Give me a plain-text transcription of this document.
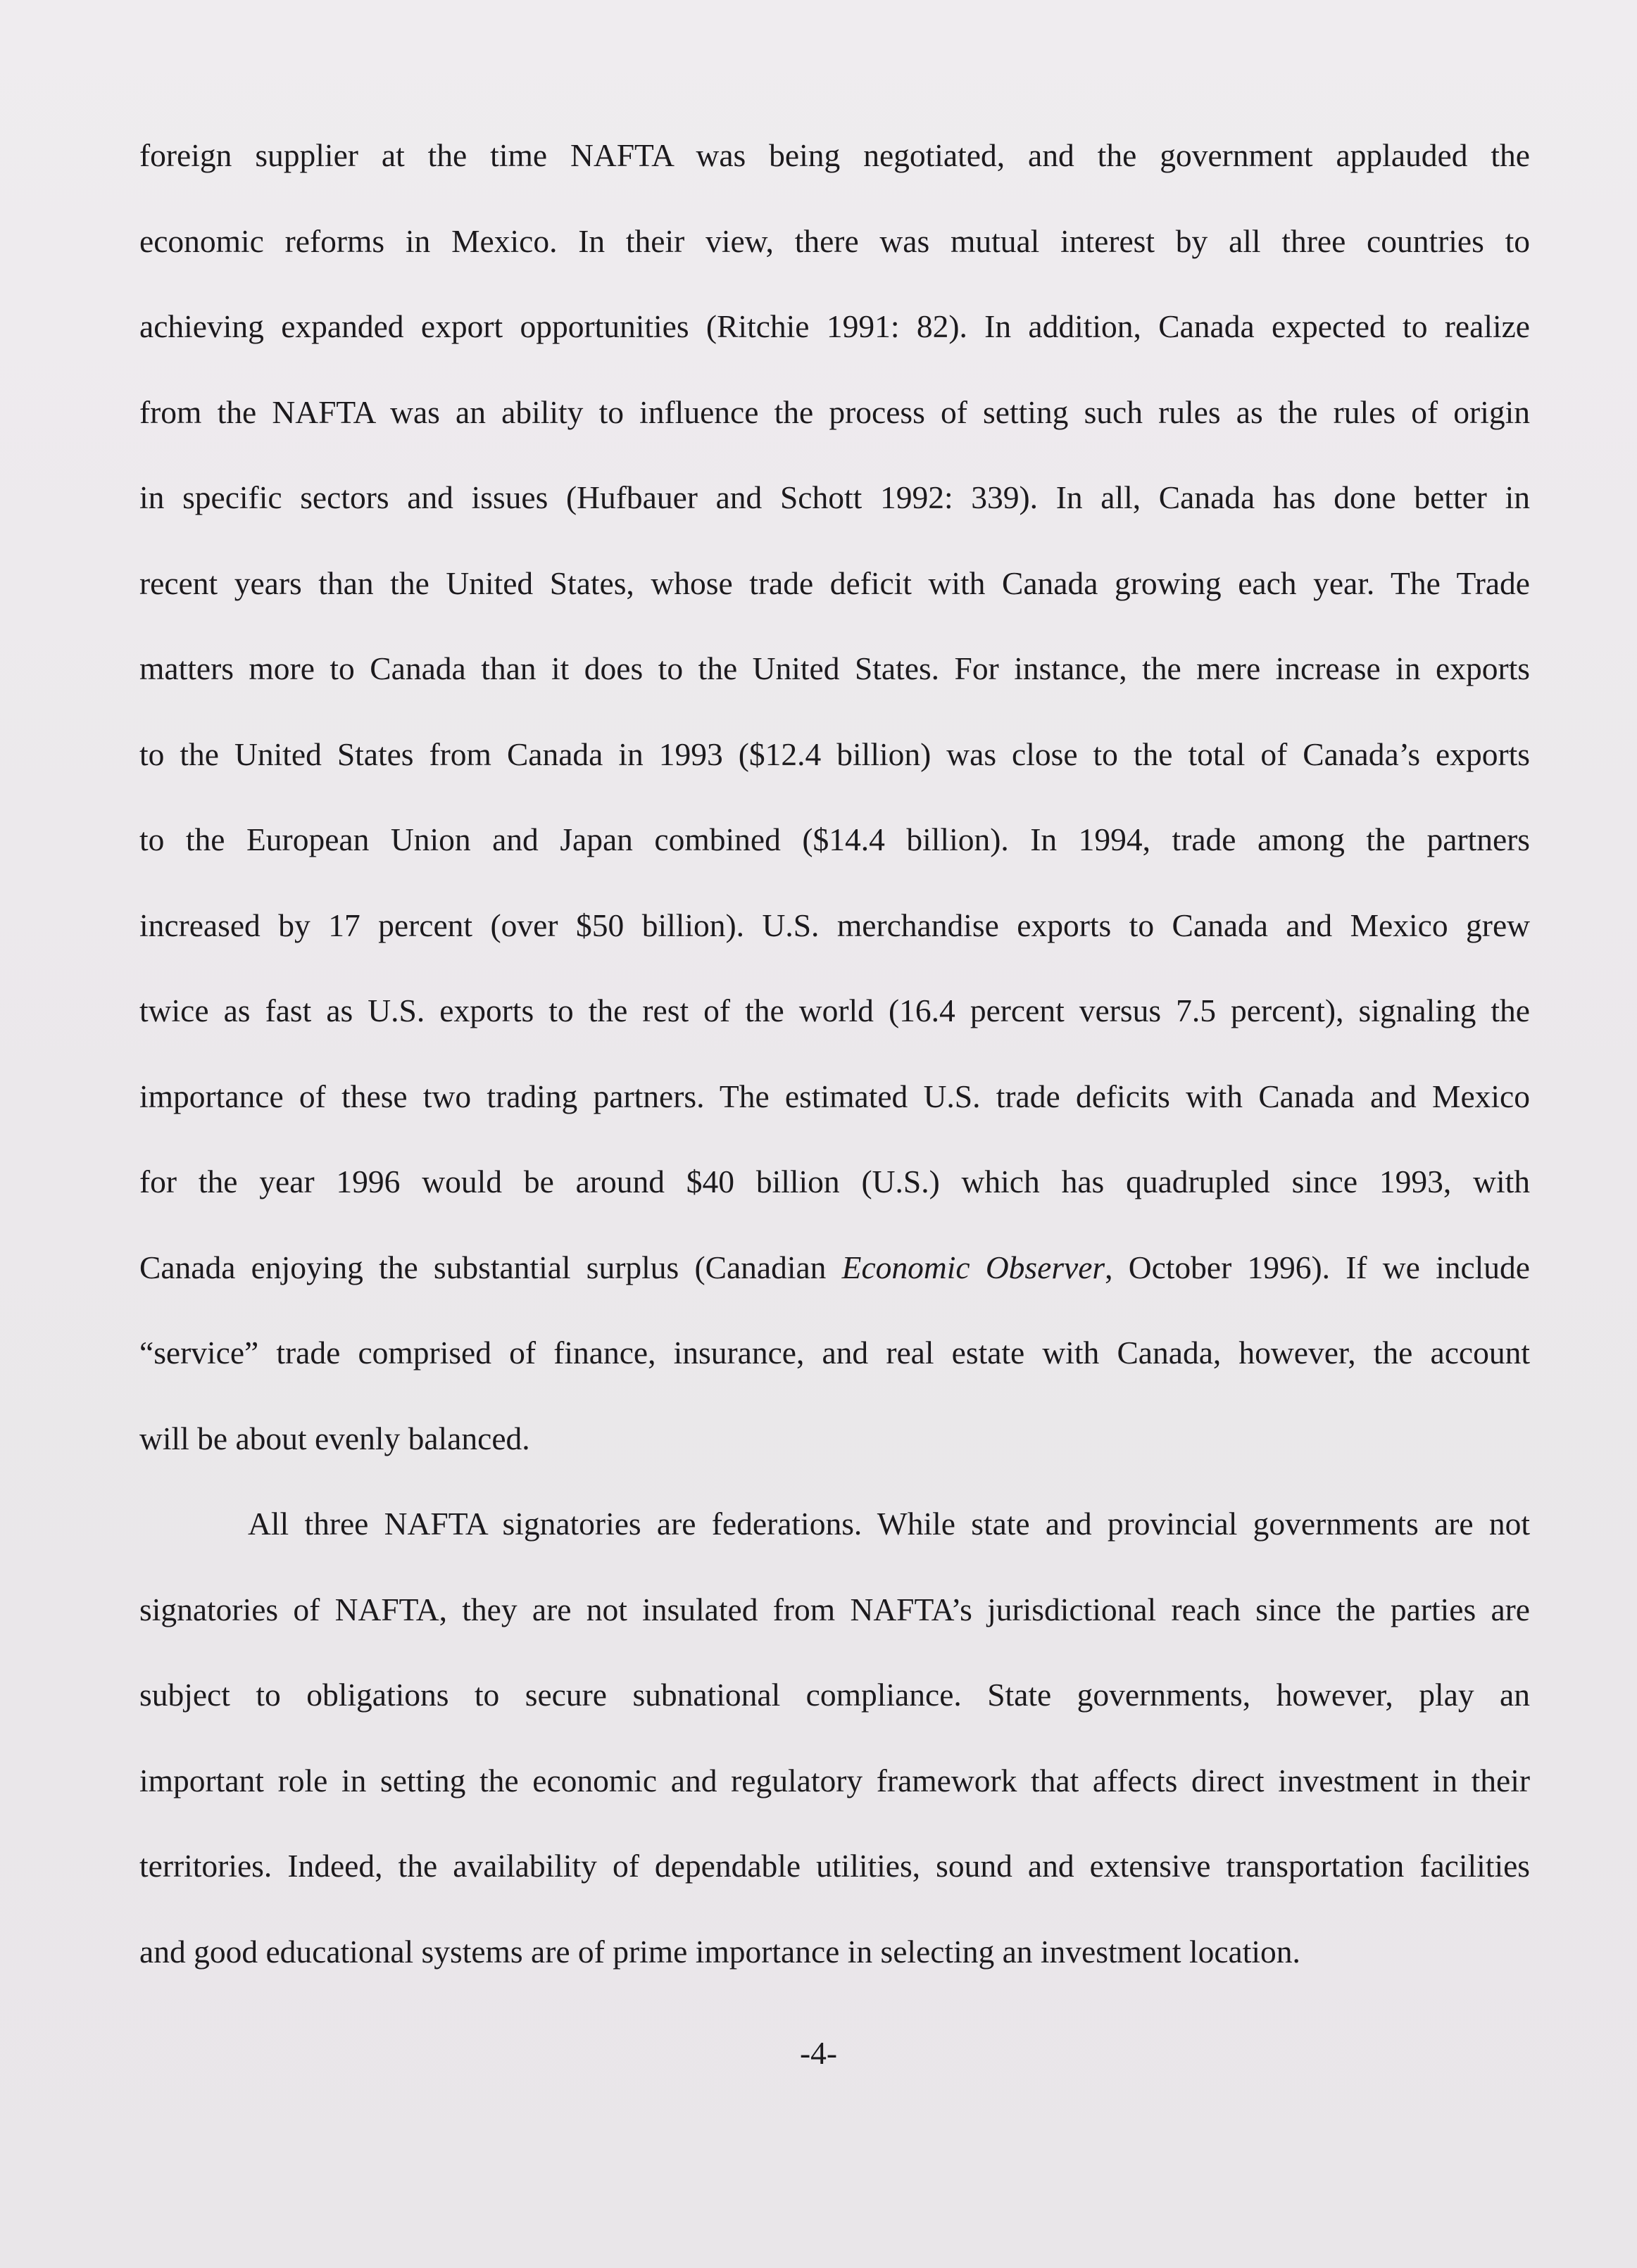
foreign supplier at the time NAFTA was being negotiated, and the government applauded the
economic reforms in Mexico. In their view, there was mutual interest by all three countries to
achieving expanded export opportunities (Ritchie 1991: 82). In addition, Canada expected to realize
from the NAFTA was an ability to influence the process of setting such rules as the rules of origin
in specific sectors and issues (Hufbauer and Schott 1992: 339). In all, Canada has done better in
recent years than the United States, whose trade deficit with Canada growing each year. The Trade
matters more to Canada than it does to the United States. For instance, the mere increase in exports
to the United States from Canada in 1993 ($12.4 billion) was close to the total of Canada’s exports
to the European Union and Japan combined ($14.4 billion). In 1994, trade among the partners
increased by 17 percent (over $50 billion). U.S. merchandise exports to Canada and Mexico grew
twice as fast as U.S. exports to the rest of the world (16.4 percent versus 7.5 percent), signaling the
importance of these two trading partners. The estimated U.S. trade deficits with Canada and Mexico
for the year 1996 would be around $40 billion (U.S.) which has quadrupled since 1993, with
Canada enjoying the substantial surplus (Canadian Economic Observer, October 1996). If we include
“service” trade comprised of finance, insurance, and real estate with Canada, however, the account
will be about evenly balanced.
All three NAFTA signatories are federations. While state and provincial governments are not
signatories of NAFTA, they are not insulated from NAFTA’s jurisdictional reach since the parties are
subject to obligations to secure subnational compliance. State governments, however, play an
important role in setting the economic and regulatory framework that affects direct investment in their
territories. Indeed, the availability of dependable utilities, sound and extensive transportation facilities
and good educational systems are of prime importance in selecting an investment location.
-4-
